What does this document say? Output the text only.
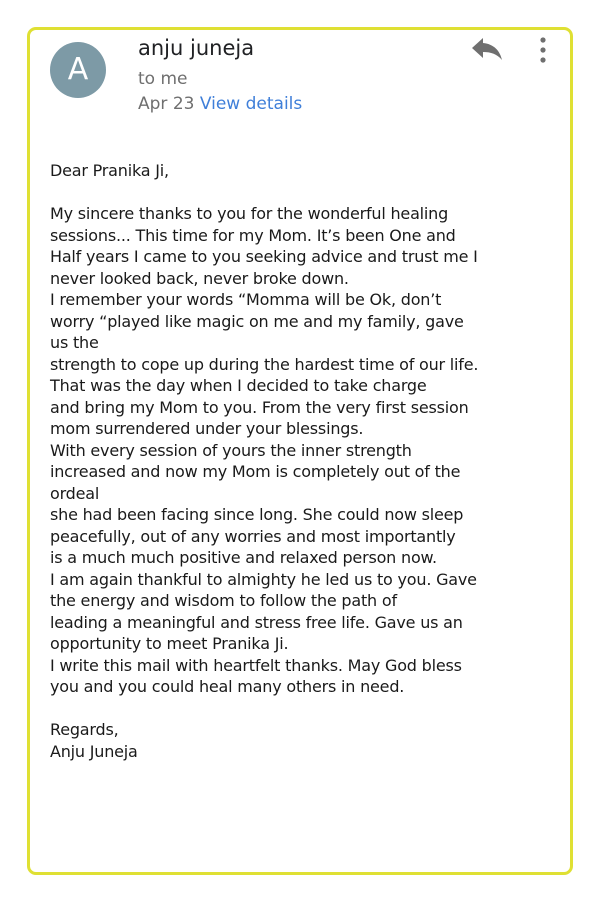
A
anju juneja
to me
Apr 23 View details
Dear Pranika Ji,
My sincere thanks to you for the wonderful healing
sessions... This time for my Mom. It’s been One and
Half years I came to you seeking advice and trust me I
never looked back, never broke down.
I remember your words “Momma will be Ok, don’t
worry “played like magic on me and my family, gave
us the
strength to cope up during the hardest time of our life.
That was the day when I decided to take charge
and bring my Mom to you. From the very first session
mom surrendered under your blessings.
With every session of yours the inner strength
increased and now my Mom is completely out of the
ordeal
she had been facing since long. She could now sleep
peacefully, out of any worries and most importantly
is a much much positive and relaxed person now.
I am again thankful to almighty he led us to you. Gave
the energy and wisdom to follow the path of
leading a meaningful and stress free life. Gave us an
opportunity to meet Pranika Ji.
I write this mail with heartfelt thanks. May God bless
you and you could heal many others in need.
Regards,
Anju Juneja
